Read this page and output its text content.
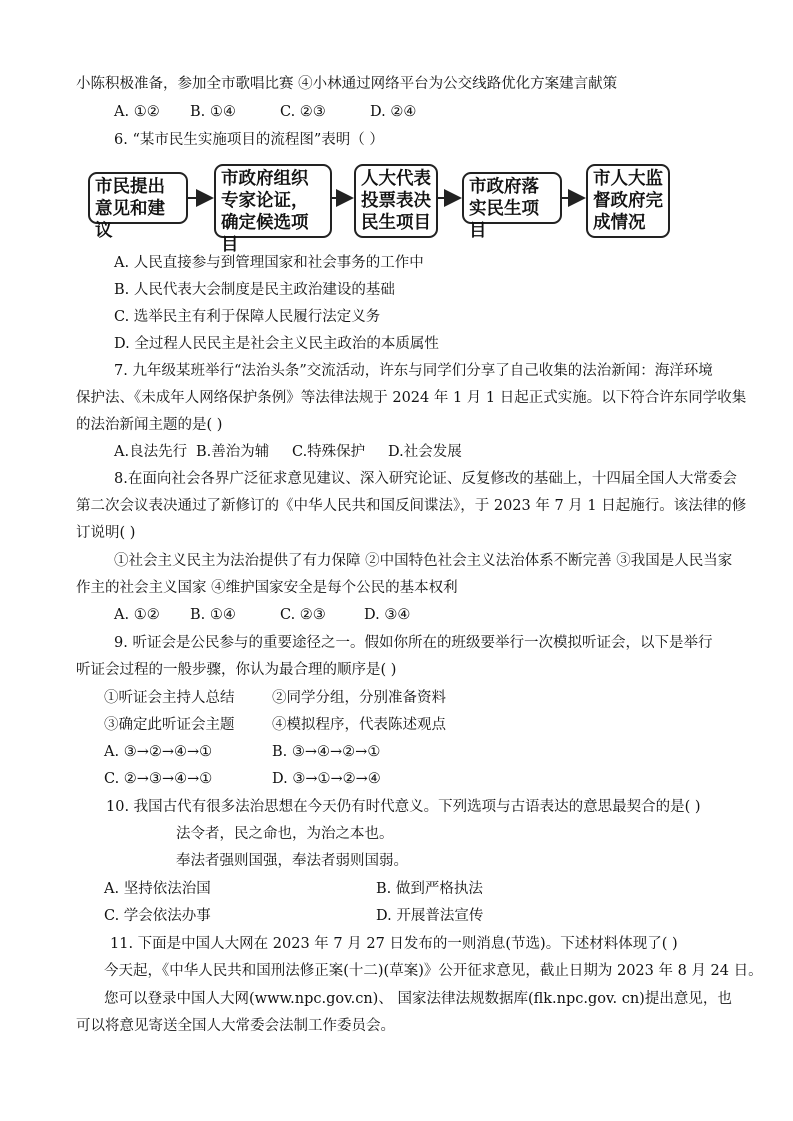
小陈积极准备，参加全市歌唱比赛 ④小林通过网络平台为公交线路优化方案建言献策
A. ①② B. ①④	C. ②③	D. ②④
6. “某市民生实施项目的流程图”表明（ ）
市民提出意见和建议
市政府组织专家论证，确定候选项目
人大代表投票表决民生项目
市政府落实民生项目
市人大监督政府完成情况
A. 人民直接参与到管理国家和社会事务的工作中
B. 人民代表大会制度是民主政治建设的基础
C. 选举民主有利于保障人民履行法定义务
D. 全过程人民民主是社会主义民主政治的本质属性
7. 九年级某班举行“法治头条”交流活动，许东与同学们分享了自己收集的法治新闻：海洋环境
保护法、《未成年人网络保护条例》等法律法规于 2024 年 1 月 1 日起正式实施。以下符合许东同学收集
的法治新闻主题的是( )
A.良法先行 B.善治为辅 C.特殊保护 D.社会发展
8.在面向社会各界广泛征求意见建议、深入研究论证、反复修改的基础上，十四届全国人大常委会
第二次会议表决通过了新修订的《中华人民共和国反间谍法》，于 2023 年 7 月 1 日起施行。该法律的修
订说明( )
①社会主义民主为法治提供了有力保障 ②中国特色社会主义法治体系不断完善 ③我国是人民当家
作主的社会主义国家 ④维护国家安全是每个公民的基本权利
A. ①② B. ①④	C. ②③	D. ③④
9. 听证会是公民参与的重要途径之一。假如你所在的班级要举行一次模拟听证会，以下是举行
听证会过程的一般步骤，你认为最合理的顺序是( )
①听证会主持人总结	②同学分组，分别准备资料
③确定此听证会主题	④模拟程序，代表陈述观点
A. ③→②→④→①	B. ③→④→②→①
C. ②→③→④→①	D. ③→①→②→④
10. 我国古代有很多法治思想在今天仍有时代意义。下列选项与古语表达的意思最契合的是( )
法令者，民之命也，为治之本也。
奉法者强则国强，奉法者弱则国弱。
A. 坚持依法治国	B. 做到严格执法
C. 学会依法办事	D. 开展普法宣传
11. 下面是中国人大网在 2023 年 7 月 27 日发布的一则消息(节选)。下述材料体现了( )
今天起，《中华人民共和国刑法修正案(十二)(草案)》公开征求意见，截止日期为 2023 年 8 月 24 日。
您可以登录中国人大网(www.npc.gov.cn)、 国家法律法规数据库(flk.npc.gov. cn)提出意见，也
可以将意见寄送全国人大常委会法制工作委员会。
